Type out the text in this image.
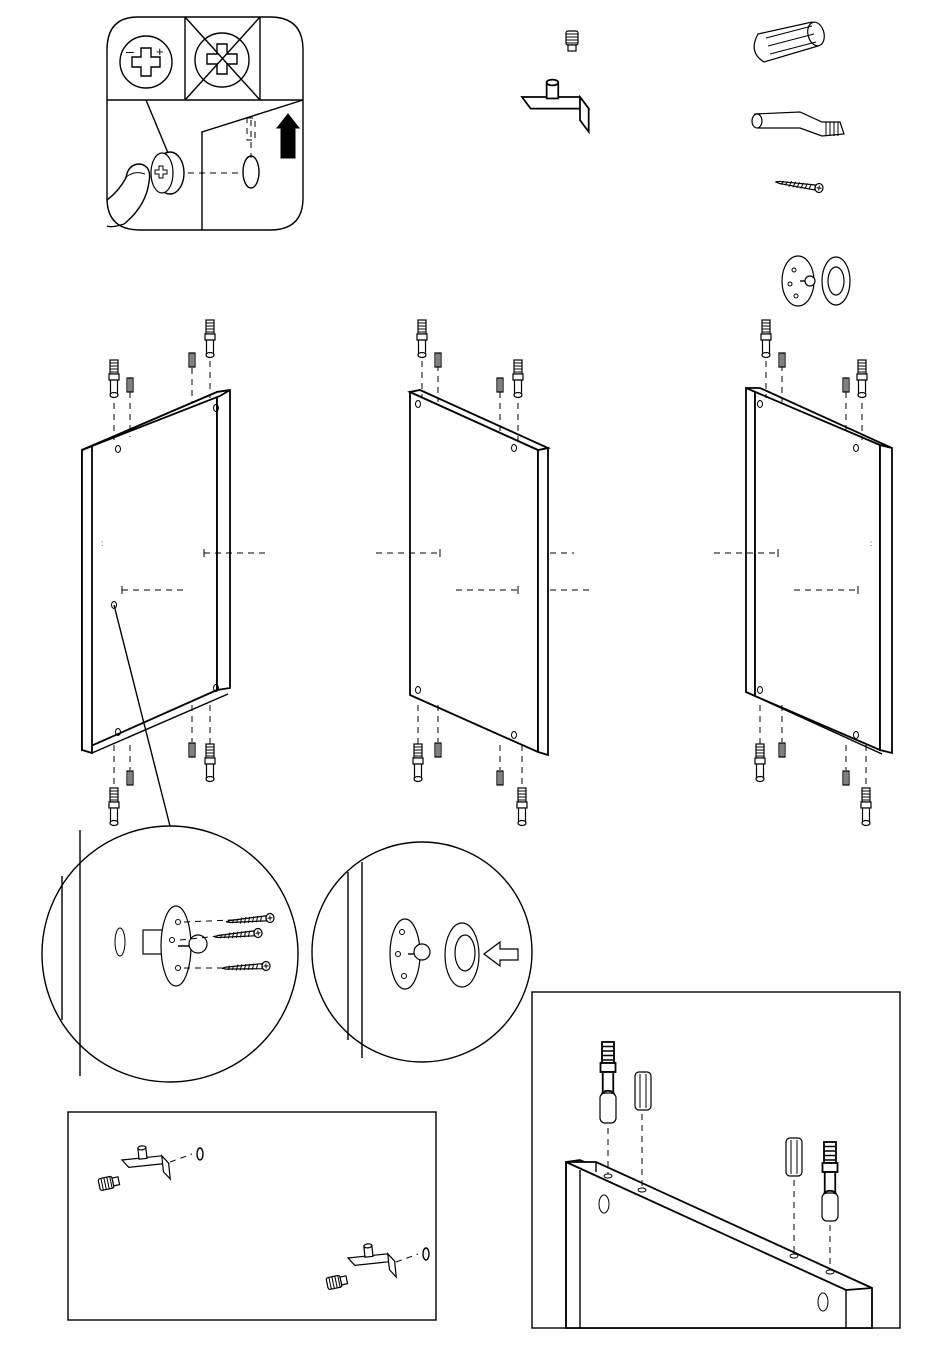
– +
:	:
